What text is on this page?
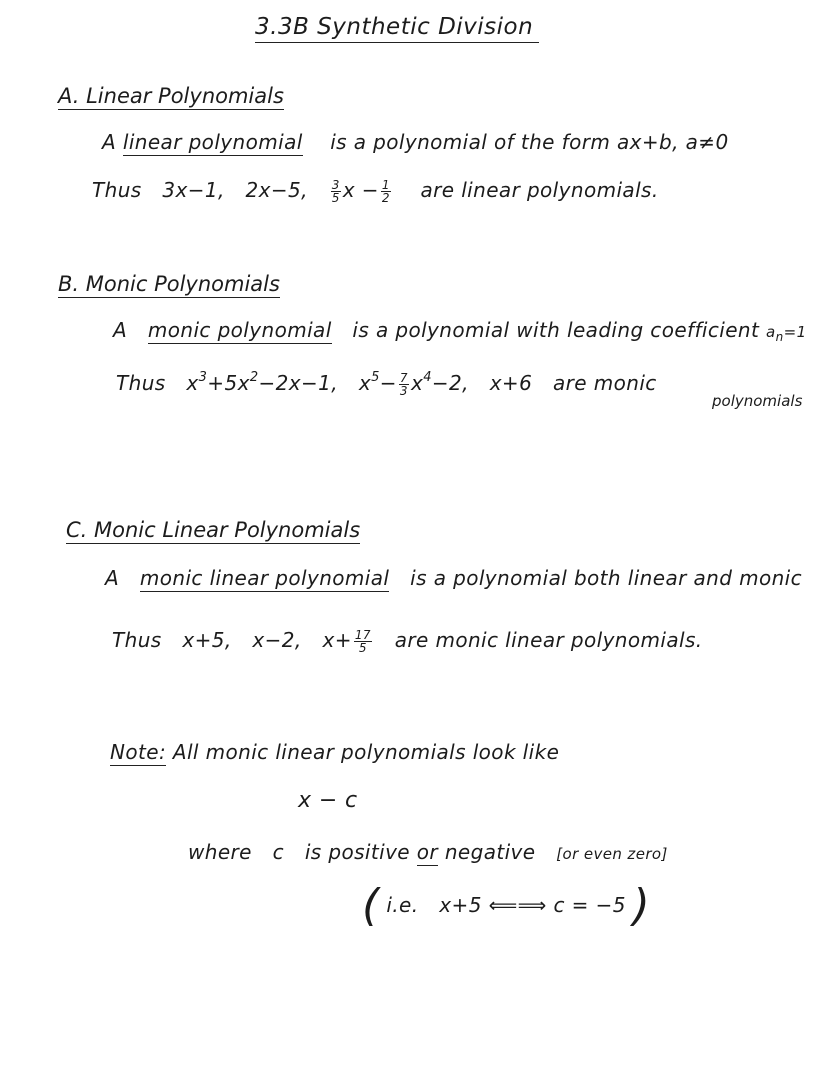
3.3B Synthetic Division
A. Linear Polynomials
A linear polynomial is a polynomial of the form ax+b, a≠0
Thus 3x−1, 2x−5, $\frac{3}{5}$ $x - \frac{1}{2}$ are linear polynomials.
B. Monic Polynomials
A monic polynomial is a polynomial with leading coefficient $a_n=1$
Thus $x^3+5x^2-2x-1$, $x^5- \frac{7}{3} x^4-2$, x+6 are monic
polynomials
C. Monic Linear Polynomials
A monic linear polynomial is a polynomial both linear and monic
Thus x+5, x−2, $x+ \frac{17}{5}$ are monic linear polynomials.
Note: All monic linear polynomials look like
x − c
where c is positive or negative [or even zero]
( i.e. x+5 ⟸⟹ c = −5 )
